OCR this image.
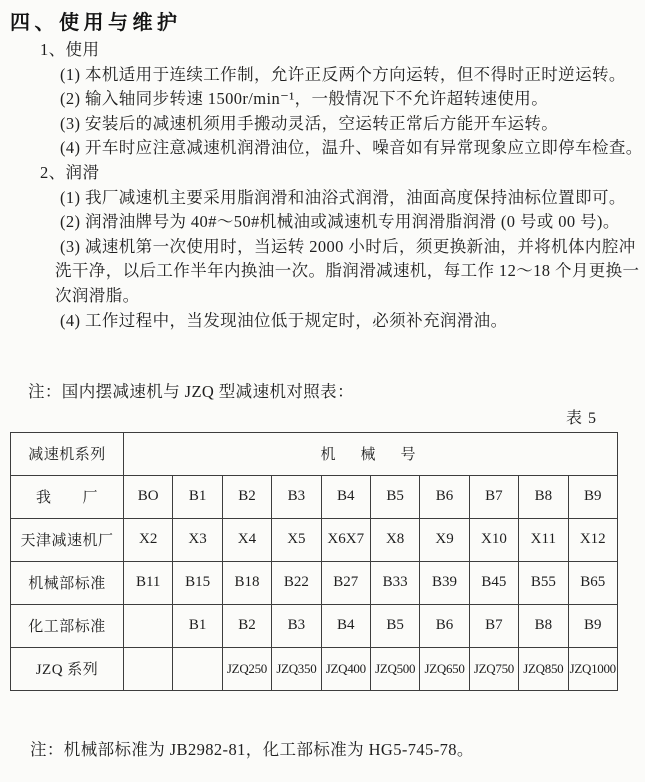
四、使用与维护
1、使用
(1) 本机适用于连续工作制，允许正反两个方向运转，但不得时正时逆运转。
(2) 输入轴同步转速 1500r/min⁻¹，一般情况下不允许超转速使用。
(3) 安装后的减速机须用手搬动灵活，空运转正常后方能开车运转。
(4) 开车时应注意减速机润滑油位，温升、噪音如有异常现象应立即停车检查。
2、润滑
(1) 我厂减速机主要采用脂润滑和油浴式润滑，油面高度保持油标位置即可。
(2) 润滑油牌号为 40#～50#机械油或减速机专用润滑脂润滑 (0 号或 00 号)。
(3) 减速机第一次使用时，当运转 2000 小时后，须更换新油，并将机体内腔冲
洗干净，以后工作半年内换油一次。脂润滑减速机，每工作 12～18 个月更换一
次润滑脂。
(4) 工作过程中，当发现油位低于规定时，必须补充润滑油。
注：国内摆减速机与 JZQ 型减速机对照表：
表 5
减速机系列	机　械　号									
我　　厂	BO	B1	B2	B3	B4	B5	B6	B7	B8	B9
天津减速机厂	X2	X3	X4	X5	X6X7	X8	X9	X10	X11	X12
机械部标准	B11	B15	B18	B22	B27	B33	B39	B45	B55	B65
化工部标准		B1	B2	B3	B4	B5	B6	B7	B8	B9
JZQ 系列			JZQ250	JZQ350	JZQ400	JZQ500	JZQ650	JZQ750	JZQ850	JZQ1000
注：机械部标准为 JB2982-81，化工部标准为 HG5-745-78。
